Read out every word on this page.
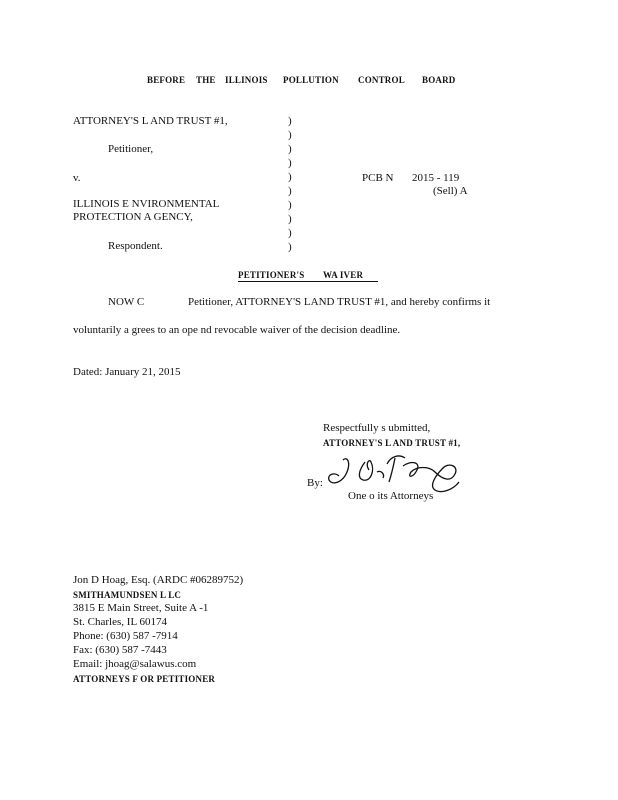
BEFORE THE ILLINOIS POLLUTION CONTROL BOARD
ATTORNEY'S L AND TRUST #1,
Petitioner,
v.
ILLINOIS E NVIRONMENTAL
PROTECTION A GENCY,
Respondent.
)
)
)
)
)
)
)
)
)
)
PCB N 2015 - 119
(Sell) A
PETITIONER'S WA IVER
NOW C	Petitioner, ATTORNEY'S LAND TRUST #1, and hereby confirms it
voluntarily a grees to an ope nd revocable waiver of the decision deadline.
Dated: January 21, 2015
Respectfully s ubmitted,
ATTORNEY'S L AND TRUST #1,
By:
One o its Attorneys
Jon D Hoag, Esq. (ARDC #06289752)
SMITHAMUNDSEN L LC
3815 E Main Street, Suite A -1
St. Charles, IL 60174
Phone: (630) 587 -7914
Fax: (630) 587 -7443
Email: jhoag@salawus.com
ATTORNEYS F OR PETITIONER
